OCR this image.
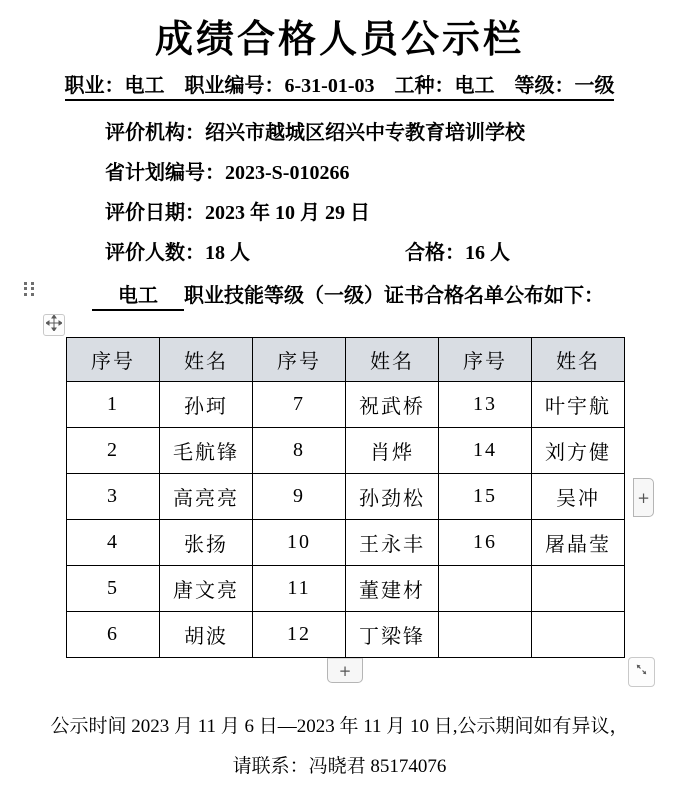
成绩合格人员公示栏
职业：电工　职业编号：6-31-01-03　工种：电工　等级：一级
评价机构：绍兴市越城区绍兴中专教育培训学校
省计划编号：2023-S-010266
评价日期：2023 年 10 月 29 日
评价人数：18 人	合格：16 人
电工 职业技能等级（一级）证书合格名单公布如下：
序号	姓名	序号	姓名	序号	姓名
1	孙珂	7	祝武桥	13	叶宇航
2	毛航锋	8	肖烨	14	刘方健
3	高亮亮	9	孙劲松	15	吴冲
4	张扬	10	王永丰	16	屠晶莹
5	唐文亮	11	董建材		
6	胡波	12	丁梁锋		
+
+
公示时间 2023 月 11 月 6 日—2023 年 11 月 10 日,公示期间如有异议，
请联系：冯晓君 85174076
